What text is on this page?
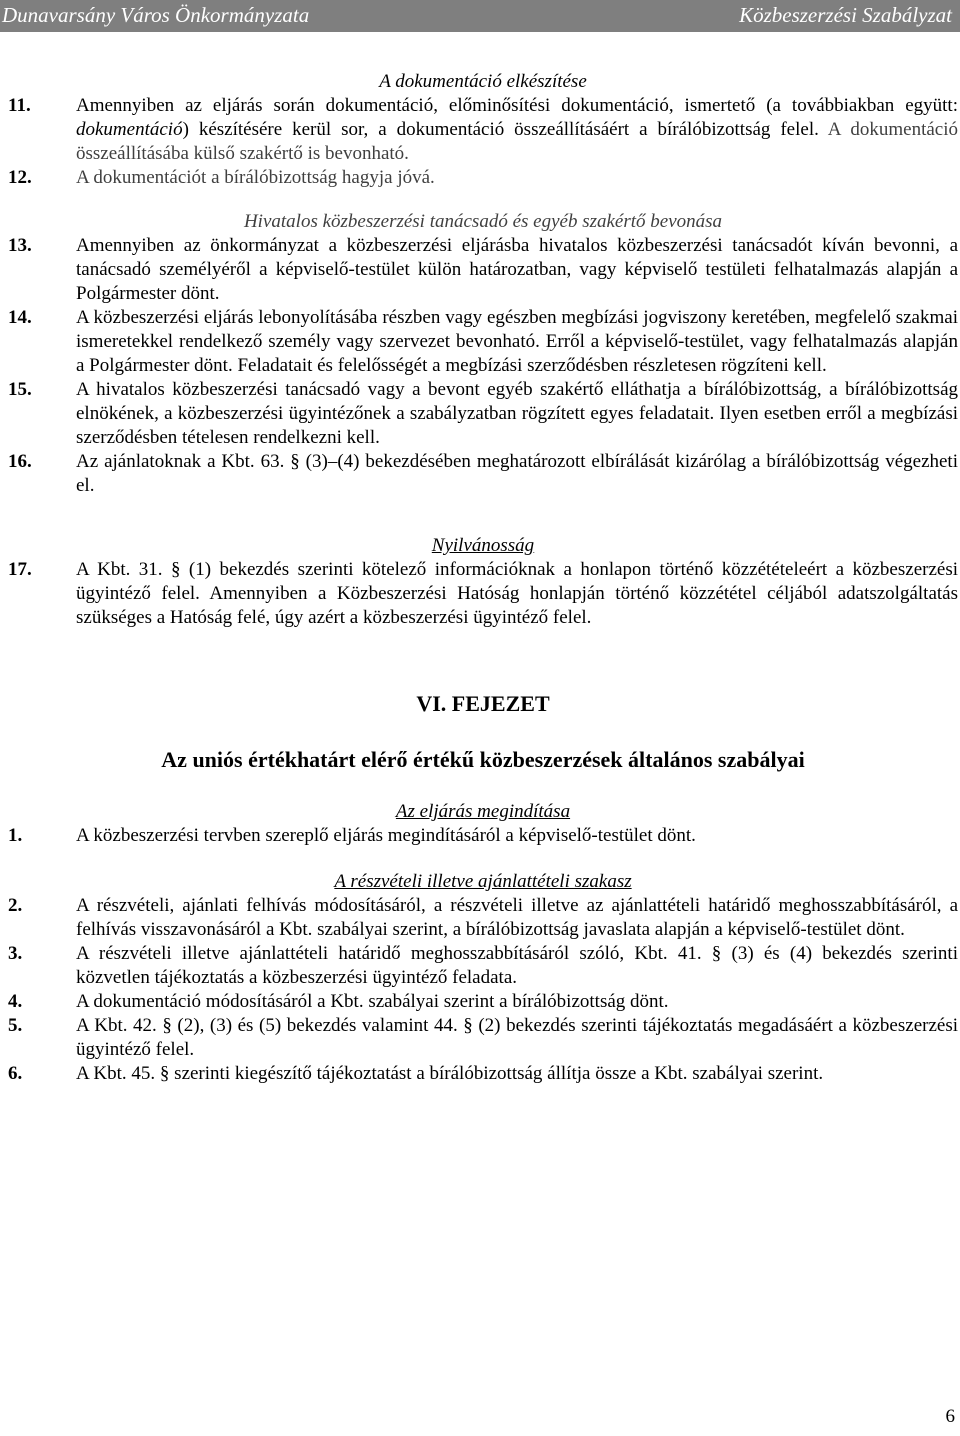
Dunavarsány Város Önkormányzata	Közbeszerzési Szabályzat
A dokumentáció elkészítése
11.	Amennyiben az eljárás során dokumentáció, előminősítési dokumentáció, ismertető (a továbbiakban együtt: dokumentáció) készítésére kerül sor, a dokumentáció összeállításáért a bírálóbizottság felel. A dokumentáció összeállításába külső szakértő is bevonható.
12.	A dokumentációt a bírálóbizottság hagyja jóvá.
Hivatalos közbeszerzési tanácsadó és egyéb szakértő bevonása
13.	Amennyiben az önkormányzat a közbeszerzési eljárásba hivatalos közbeszerzési tanácsadót kíván bevonni, a tanácsadó személyéről a képviselő-testület külön határozatban, vagy képviselő testületi felhatalmazás alapján a Polgármester dönt.
14.	A közbeszerzési eljárás lebonyolításába részben vagy egészben megbízási jogviszony keretében, megfelelő szakmai ismeretekkel rendelkező személy vagy szervezet bevonható. Erről a képviselő-testület, vagy felhatalmazás alapján a Polgármester dönt. Feladatait és felelősségét a megbízási szerződésben részletesen rögzíteni kell.
15.	A hivatalos közbeszerzési tanácsadó vagy a bevont egyéb szakértő elláthatja a bírálóbizottság, a bírálóbizottság elnökének, a közbeszerzési ügyintézőnek a szabályzatban rögzített egyes feladatait. Ilyen esetben erről a megbízási szerződésben tételesen rendelkezni kell.
16.	Az ajánlatoknak a Kbt. 63. § (3)–(4) bekezdésében meghatározott elbírálását kizárólag a bírálóbizottság végezheti el.
Nyilvánosság
17.	A Kbt. 31. § (1) bekezdés szerinti kötelező információknak a honlapon történő közzétételeért a közbeszerzési ügyintéző felel. Amennyiben a Közbeszerzési Hatóság honlapján történő közzététel céljából adatszolgáltatás szükséges a Hatóság felé, úgy azért a közbeszerzési ügyintéző felel.
VI. FEJEZET
Az uniós értékhatárt elérő értékű közbeszerzések általános szabályai
Az eljárás megindítása
1.	A közbeszerzési tervben szereplő eljárás megindításáról a képviselő-testület dönt.
A részvételi illetve ajánlattételi szakasz
2.	A részvételi, ajánlati felhívás módosításáról, a részvételi illetve az ajánlattételi határidő meghosszabbításáról, a felhívás visszavonásáról a Kbt. szabályai szerint, a bírálóbizottság javaslata alapján a képviselő-testület dönt.
3.	A részvételi illetve ajánlattételi határidő meghosszabbításáról szóló, Kbt. 41. § (3) és (4) bekezdés szerinti közvetlen tájékoztatás a közbeszerzési ügyintéző feladata.
4.	A dokumentáció módosításáról a Kbt. szabályai szerint a bírálóbizottság dönt.
5.	A Kbt. 42. § (2), (3) és (5) bekezdés valamint 44. § (2) bekezdés szerinti tájékoztatás megadásáért a közbeszerzési ügyintéző felel.
6.	A Kbt. 45. § szerinti kiegészítő tájékoztatást a bírálóbizottság állítja össze a Kbt. szabályai szerint.
6
